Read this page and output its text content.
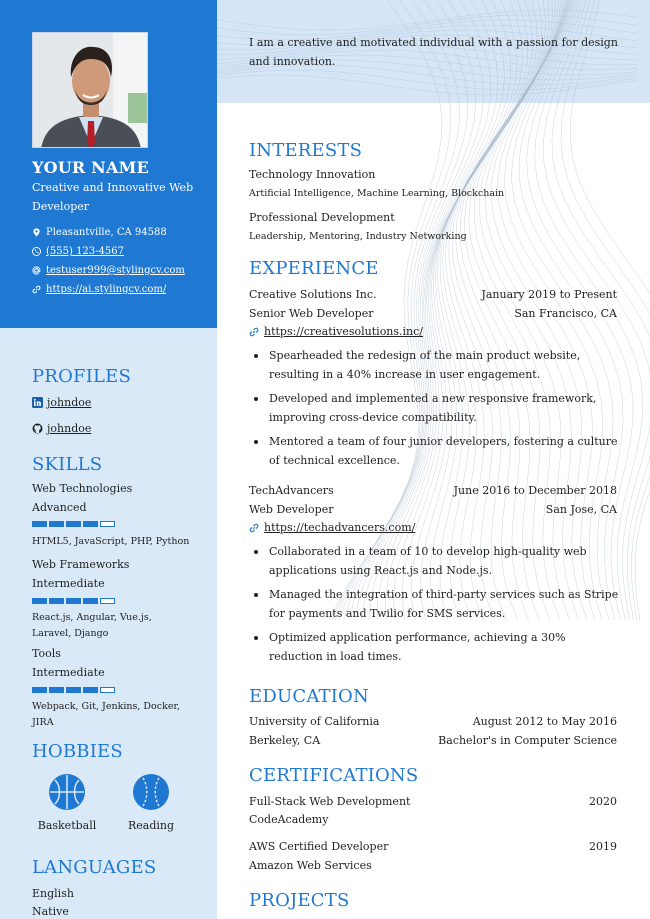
YOUR NAME
Creative and Innovative Web Developer
Pleasantville, CA 94588
(555) 123-4567
testuser999@stylingcv.com
https://ai.stylingcv.com/
PROFILES
johndoe
johndoe
SKILLS
Web Technologies
Advanced
HTML5, JavaScript, PHP, Python
Web Frameworks
Intermediate
React.js, Angular, Vue.js, Laravel, Django
Tools
Intermediate
Webpack, Git, Jenkins, Docker, JIRA
HOBBIES
Basketball	Reading
LANGUAGES
English
Native
I am a creative and motivated individual with a passion for design and innovation.
INTERESTS
Technology Innovation
Artificial Intelligence, Machine Learning, Blockchain
Professional Development
Leadership, Mentoring, Industry Networking
EXPERIENCE
Creative Solutions Inc.	January 2019 to Present
Senior Web Developer	San Francisco, CA
https://creativesolutions.inc/
Spearheaded the redesign of the main product website, resulting in a 40% increase in user engagement.
Developed and implemented a new responsive framework, improving cross-device compatibility.
Mentored a team of four junior developers, fostering a culture of technical excellence.
TechAdvancers	June 2016 to December 2018
Web Developer	San Jose, CA
https://techadvancers.com/
Collaborated in a team of 10 to develop high-quality web applications using React.js and Node.js.
Managed the integration of third-party services such as Stripe for payments and Twilio for SMS services.
Optimized application performance, achieving a 30% reduction in load times.
EDUCATION
University of California	August 2012 to May 2016
Berkeley, CA	Bachelor's in Computer Science
CERTIFICATIONS
Full-Stack Web Development	2020
CodeAcademy
AWS Certified Developer	2019
Amazon Web Services
PROJECTS
